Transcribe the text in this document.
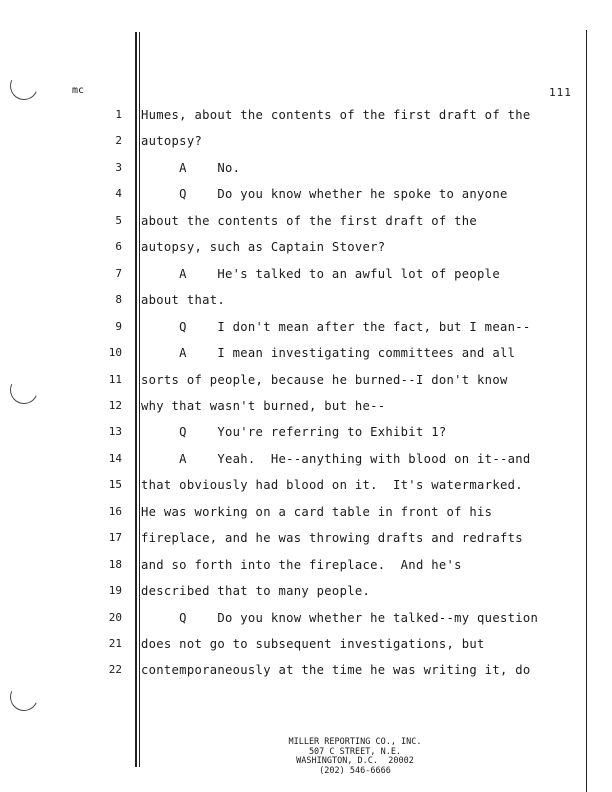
mc	111
1 Humes, about the contents of the first draft of the
2 autopsy?
3 A    No.
4 Q    Do you know whether he spoke to anyone
5 about the contents of the first draft of the
6 autopsy, such as Captain Stover?
7 A    He's talked to an awful lot of people
8 about that.
9 Q    I don't mean after the fact, but I mean--
10 A    I mean investigating committees and all
11 sorts of people, because he burned--I don't know
12 why that wasn't burned, but he--
13 Q    You're referring to Exhibit 1?
14 A    Yeah.  He--anything with blood on it--and
15 that obviously had blood on it.  It's watermarked.
16 He was working on a card table in front of his
17 fireplace, and he was throwing drafts and redrafts
18 and so forth into the fireplace.  And he's
19 described that to many people.
20 Q    Do you know whether he talked--my question
21 does not go to subsequent investigations, but
22 contemporaneously at the time he was writing it, do
MILLER REPORTING CO., INC.
507 C STREET, N.E.
WASHINGTON, D.C.  20002
(202) 546-6666
